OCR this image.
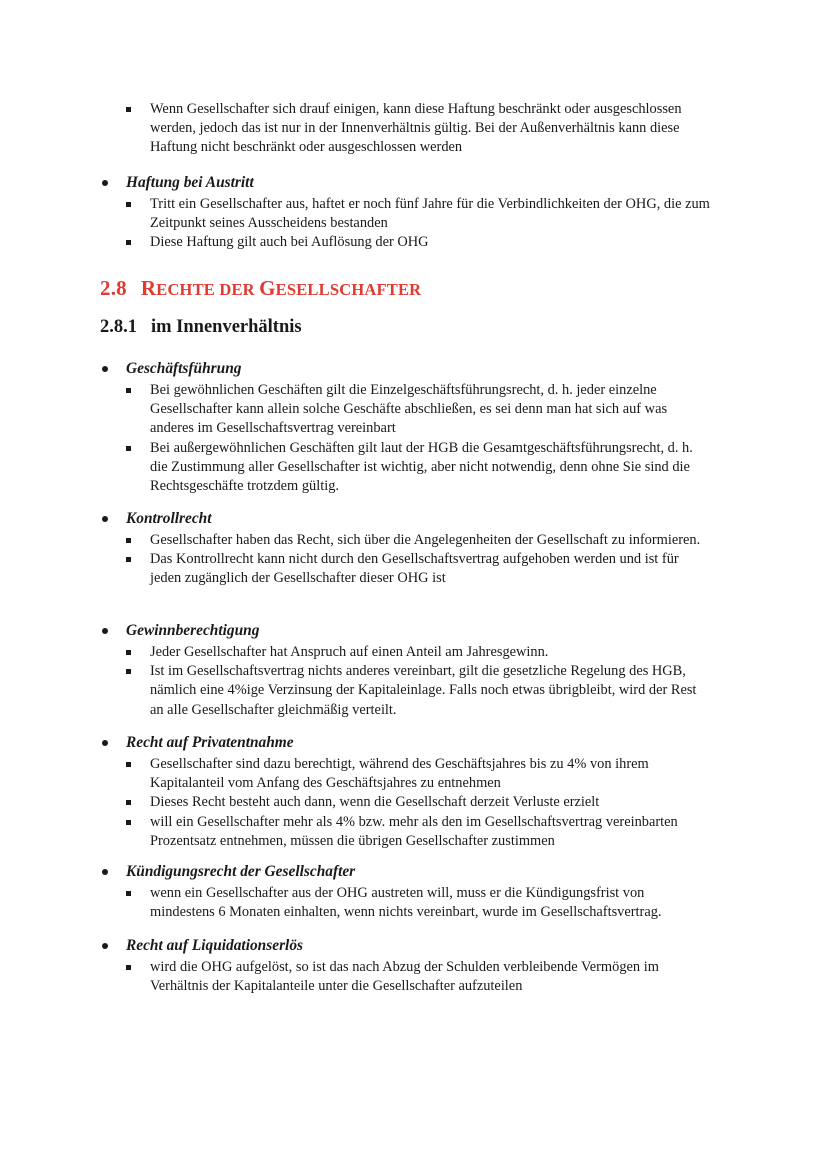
Wenn Gesellschafter sich drauf einigen, kann diese Haftung beschränkt oder ausgeschlossen werden, jedoch das ist nur in der Innenverhältnis gültig. Bei der Außenverhältnis kann diese Haftung nicht beschränkt oder ausgeschlossen werden

Haftung bei Austritt

Tritt ein Gesellschafter aus, haftet er noch fünf Jahre für die Verbindlichkeiten der OHG, die zum Zeitpunkt seines Ausscheidens bestanden

Diese Haftung gilt auch bei Auflösung der OHG

2.8 RECHTE DER GESELLSCHAFTER
2.8.1 im Innenverhältnis

Geschäftsführung

Bei gewöhnlichen Geschäften gilt die Einzelgeschäftsführungsrecht, d. h. jeder einzelne Gesellschafter kann allein solche Geschäfte abschließen, es sei denn man hat sich auf was anderes im Gesellschaftsvertrag vereinbart

Bei außergewöhnlichen Geschäften gilt laut der HGB die Gesamtgeschäftsführungsrecht, d. h. die Zustimmung aller Gesellschafter ist wichtig, aber nicht notwendig, denn ohne Sie sind die Rechtsgeschäfte trotzdem gültig.

Kontrollrecht

Gesellschafter haben das Recht, sich über die Angelegenheiten der Gesellschaft zu informieren.

Das Kontrollrecht kann nicht durch den Gesellschaftsvertrag aufgehoben werden und ist für jeden zugänglich der Gesellschafter dieser OHG ist

Gewinnberechtigung

Jeder Gesellschafter hat Anspruch auf einen Anteil am Jahresgewinn.

Ist im Gesellschaftsvertrag nichts anderes vereinbart, gilt die gesetzliche Regelung des HGB, nämlich eine 4%ige Verzinsung der Kapitaleinlage. Falls noch etwas übrigbleibt, wird der Rest an alle Gesellschafter gleichmäßig verteilt.

Recht auf Privatentnahme

Gesellschafter sind dazu berechtigt, während des Geschäftsjahres bis zu 4% von ihrem Kapitalanteil vom Anfang des Geschäftsjahres zu entnehmen

Dieses Recht besteht auch dann, wenn die Gesellschaft derzeit Verluste erzielt

will ein Gesellschafter mehr als 4% bzw. mehr als den im Gesellschaftsvertrag vereinbarten Prozentsatz entnehmen, müssen die übrigen Gesellschafter zustimmen

Kündigungsrecht der Gesellschafter

wenn ein Gesellschafter aus der OHG austreten will, muss er die Kündigungsfrist von mindestens 6 Monaten einhalten, wenn nichts vereinbart, wurde im Gesellschaftsvertrag.

Recht auf Liquidationserlös

wird die OHG aufgelöst, so ist das nach Abzug der Schulden verbleibende Vermögen im Verhältnis der Kapitalanteile unter die Gesellschafter aufzuteilen
